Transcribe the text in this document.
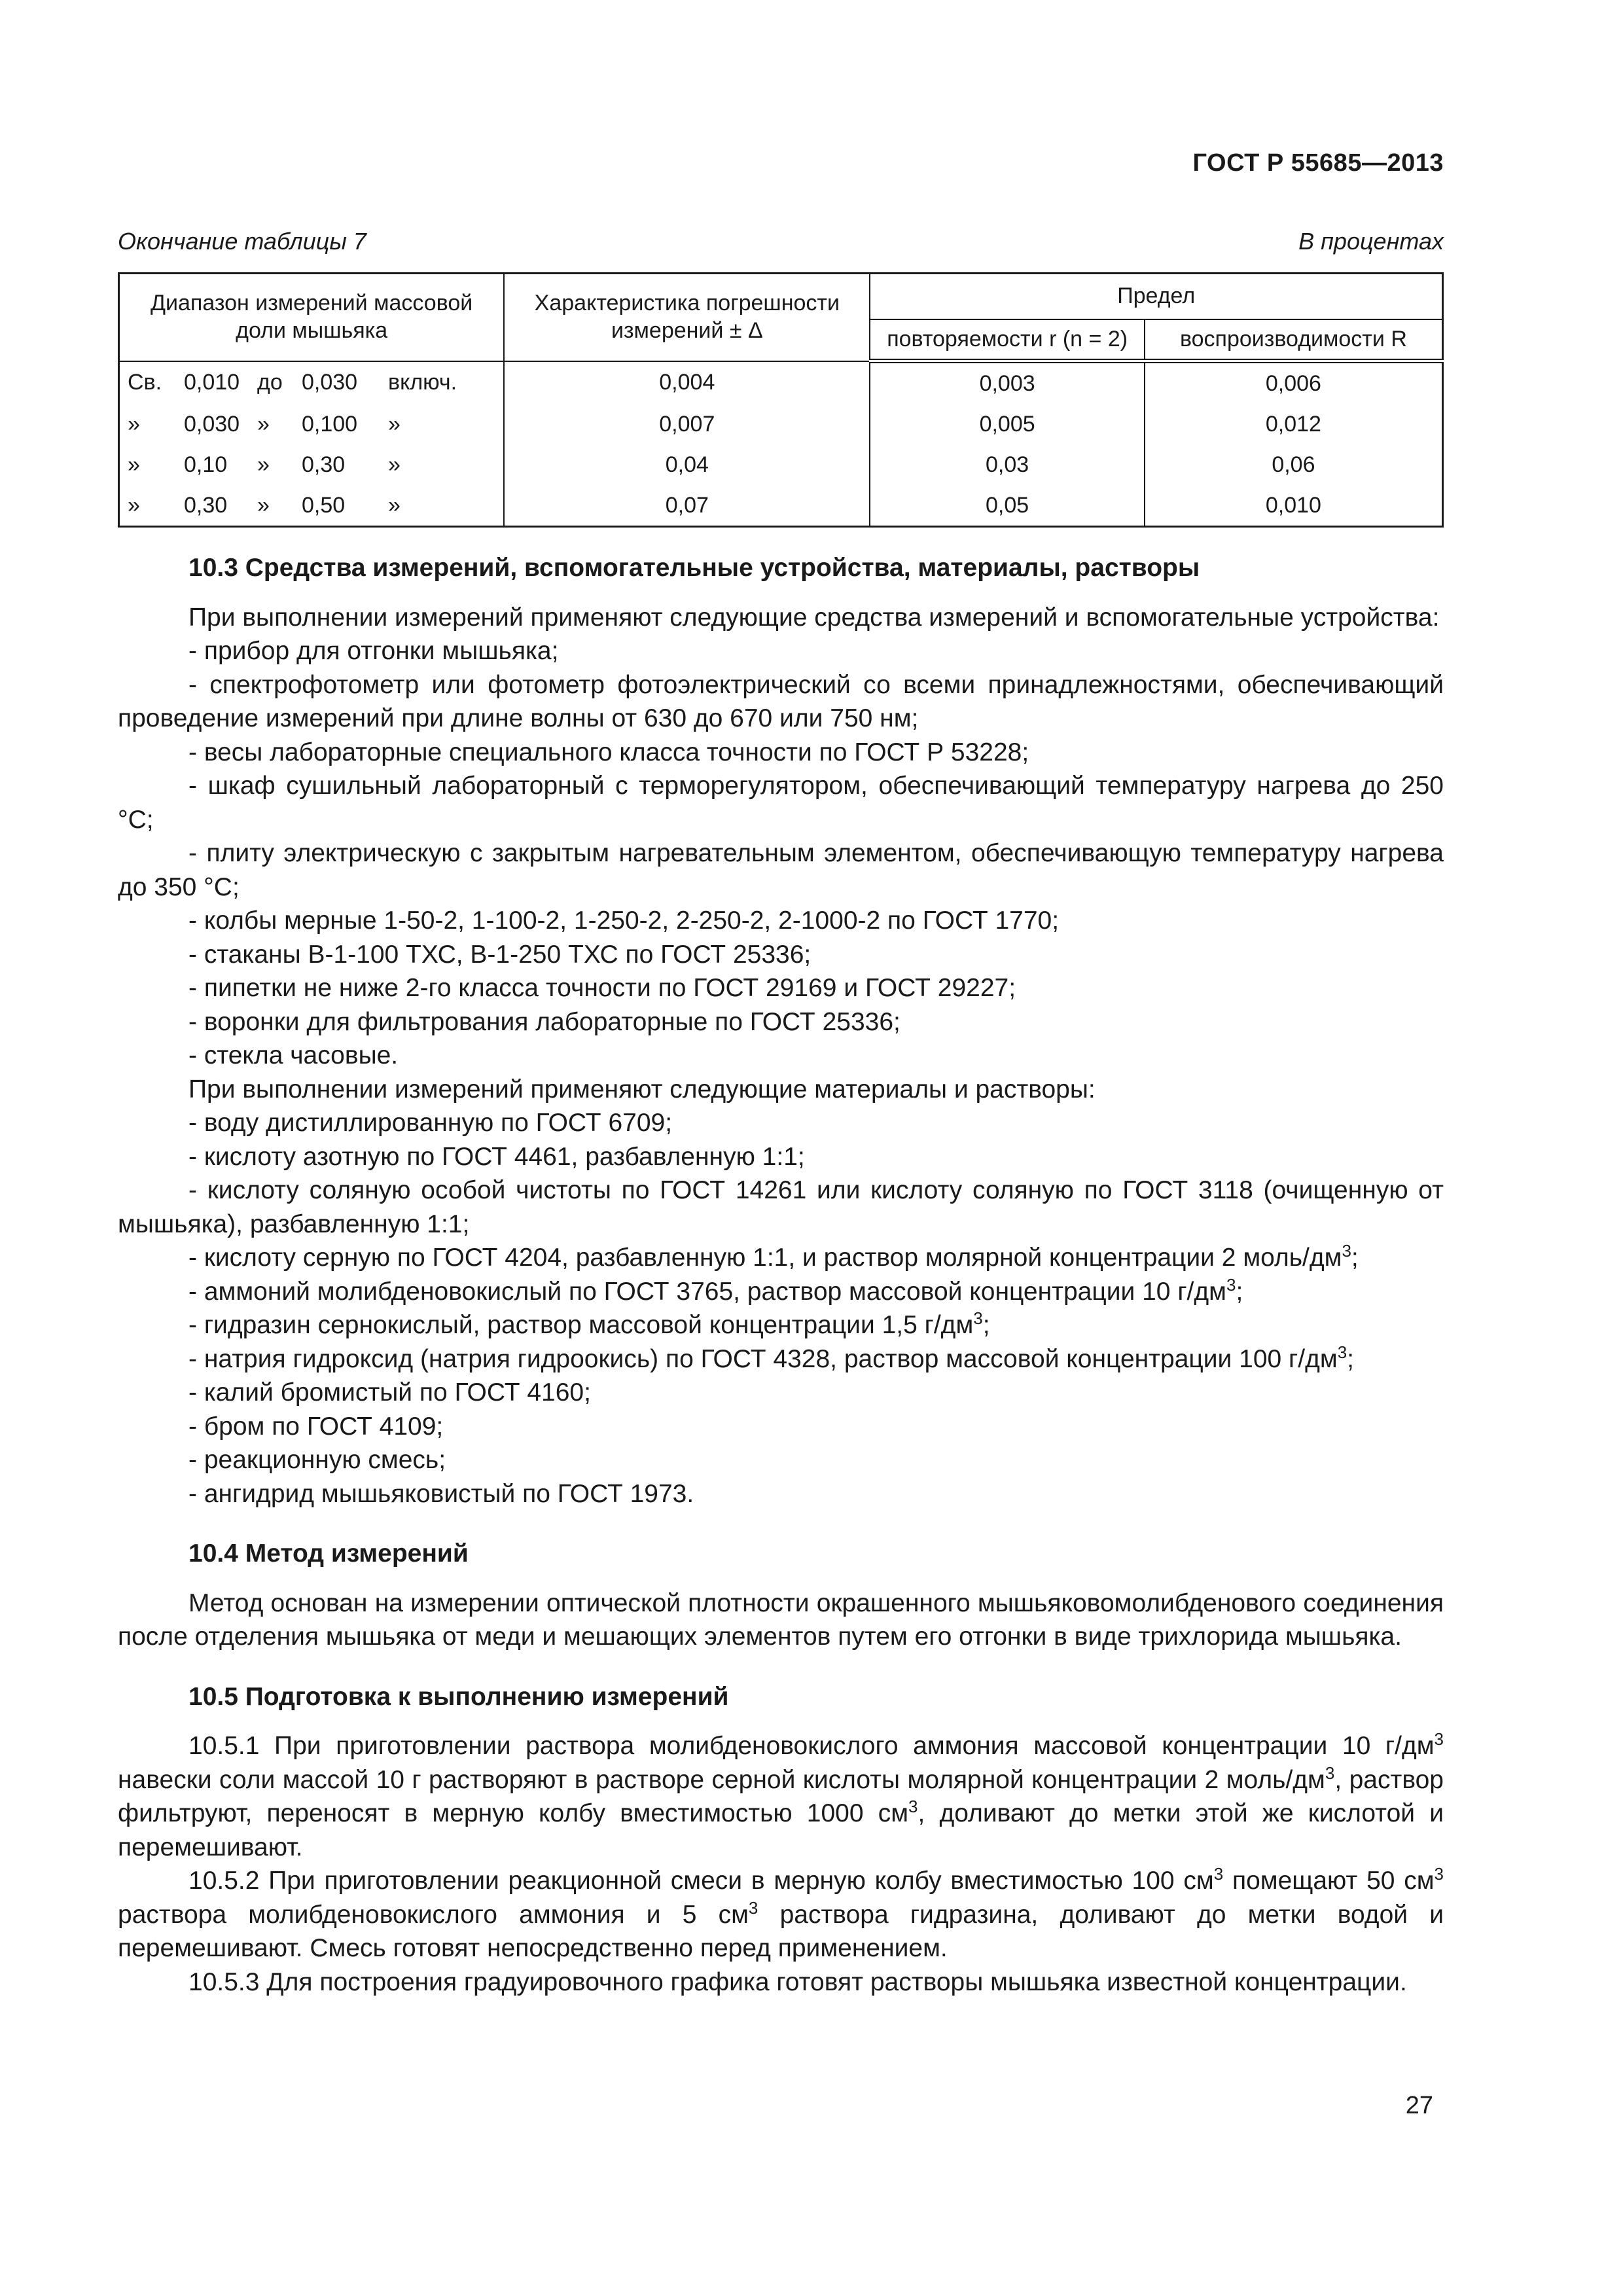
ГОСТ Р 55685—2013
Окончание таблицы 7	В процентах
Диапазон измерений массовой доли мышьяка	Характеристика погрешности измерений ± Δ	Предел	
		повторяемости r (n = 2)	воспроизводимости R

Св. 0,010 до 0,030 включ.	0,004	0,003	0,006

» 0,030 » 0,100 »	0,007	0,005	0,012

» 0,10 » 0,30 »	0,04	0,03	0,06

» 0,30 » 0,50 »	0,07	0,05	0,010

10.3 Средства измерений, вспомогательные устройства, материалы, растворы

При выполнении измерений применяют следующие средства измерений и вспомогательные устройства:

- прибор для отгонки мышьяка;

- спектрофотометр или фотометр фотоэлектрический со всеми принадлежностями, обеспечивающий проведение измерений при длине волны от 630 до 670 или 750 нм;

- весы лабораторные специального класса точности по ГОСТ Р 53228;

- шкаф сушильный лабораторный с терморегулятором, обеспечивающий температуру нагрева до 250 °С;

- плиту электрическую с закрытым нагревательным элементом, обеспечивающую температуру нагрева до 350 °С;

- колбы мерные 1-50-2, 1-100-2, 1-250-2, 2-250-2, 2-1000-2 по ГОСТ 1770;

- стаканы В-1-100 ТХС, В-1-250 ТХС по ГОСТ 25336;

- пипетки не ниже 2-го класса точности по ГОСТ 29169 и ГОСТ 29227;

- воронки для фильтрования лабораторные по ГОСТ 25336;

- стекла часовые.

При выполнении измерений применяют следующие материалы и растворы:

- воду дистиллированную по ГОСТ 6709;

- кислоту азотную по ГОСТ 4461, разбавленную 1:1;

- кислоту соляную особой чистоты по ГОСТ 14261 или кислоту соляную по ГОСТ 3118 (очищенную от мышьяка), разбавленную 1:1;

- кислоту серную по ГОСТ 4204, разбавленную 1:1, и раствор молярной концентрации 2 моль/$дм^3$;

- аммоний молибденовокислый по ГОСТ 3765, раствор массовой концентрации 10 $г/дм^3$;

- гидразин сернокислый, раствор массовой концентрации 1,5 $г/дм^3$;

- натрия гидроксид (натрия гидроокись) по ГОСТ 4328, раствор массовой концентрации 100 $г/дм^3$;

- калий бромистый по ГОСТ 4160;

- бром по ГОСТ 4109;

- реакционную смесь;

- ангидрид мышьяковистый по ГОСТ 1973.

10.4 Метод измерений

Метод основан на измерении оптической плотности окрашенного мышьяковомолибденового соединения после отделения мышьяка от меди и мешающих элементов путем его отгонки в виде трихлорида мышьяка.

10.5 Подготовка к выполнению измерений

10.5.1 При приготовлении раствора молибденовокислого аммония массовой концентрации 10 $г/дм^3$ навески соли массой 10 г растворяют в растворе серной кислоты молярной концентрации 2 моль/$дм^3$, раствор фильтруют, переносят в мерную колбу вместимостью 1000 $см^3$, доливают до метки этой же кислотой и перемешивают.

10.5.2 При приготовлении реакционной смеси в мерную колбу вместимостью 100 $см^3$ помещают 50 $см^3$ раствора молибденовокислого аммония и 5 $см^3$ раствора гидразина, доливают до метки водой и перемешивают. Смесь готовят непосредственно перед применением.

10.5.3 Для построения градуировочного графика готовят растворы мышьяка известной концентрации.

27
